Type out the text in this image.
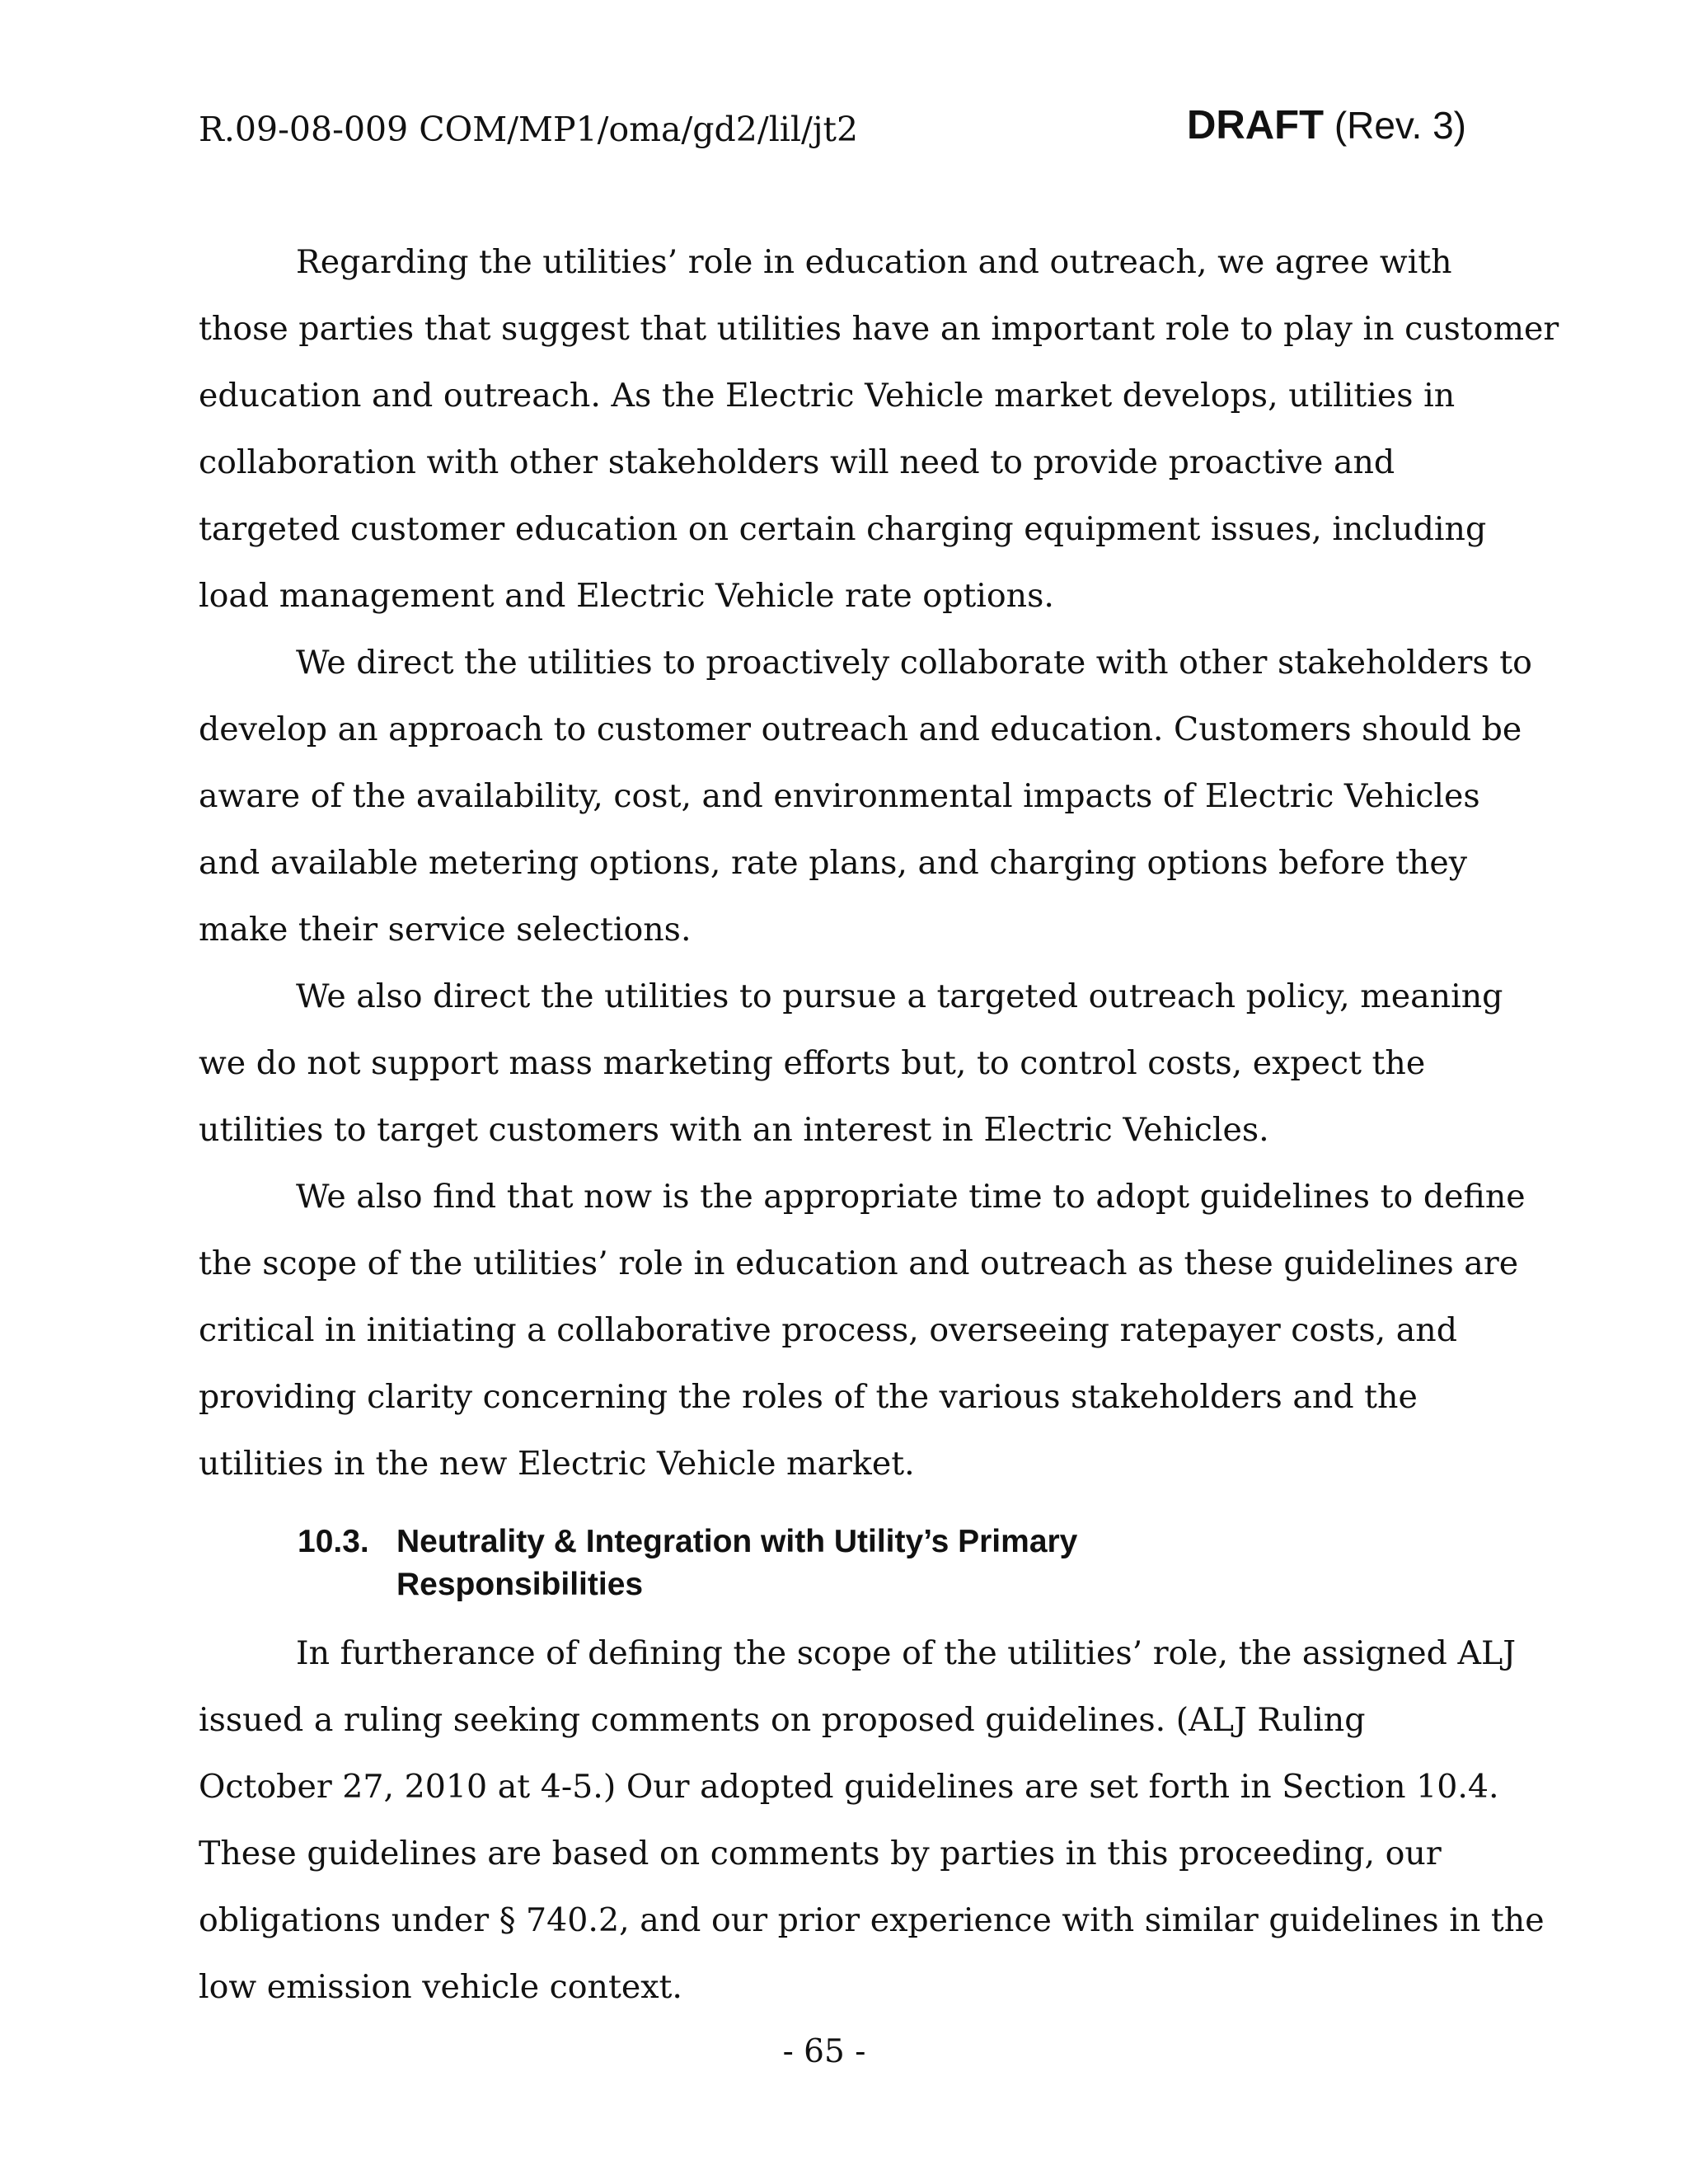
R.09-08-009 COM/MP1/oma/gd2/lil/jt2	DRAFT (Rev. 3)

Regarding the utilities’ role in education and outreach, we agree with
those parties that suggest that utilities have an important role to play in customer
education and outreach. As the Electric Vehicle market develops, utilities in
collaboration with other stakeholders will need to provide proactive and
targeted customer education on certain charging equipment issues, including
load management and Electric Vehicle rate options.

We direct the utilities to proactively collaborate with other stakeholders to
develop an approach to customer outreach and education. Customers should be
aware of the availability, cost, and environmental impacts of Electric Vehicles
and available metering options, rate plans, and charging options before they
make their service selections.

We also direct the utilities to pursue a targeted outreach policy, meaning
we do not support mass marketing efforts but, to control costs, expect the
utilities to target customers with an interest in Electric Vehicles.

We also find that now is the appropriate time to adopt guidelines to define
the scope of the utilities’ role in education and outreach as these guidelines are
critical in initiating a collaborative process, overseeing ratepayer costs, and
providing clarity concerning the roles of the various stakeholders and the
utilities in the new Electric Vehicle market.

10.3. Neutrality & Integration with Utility’s Primary
Responsibilities

In furtherance of defining the scope of the utilities’ role, the assigned ALJ
issued a ruling seeking comments on proposed guidelines. (ALJ Ruling
October 27, 2010 at 4-5.) Our adopted guidelines are set forth in Section 10.4.
These guidelines are based on comments by parties in this proceeding, our
obligations under § 740.2, and our prior experience with similar guidelines in the
low emission vehicle context.

- 65 -
